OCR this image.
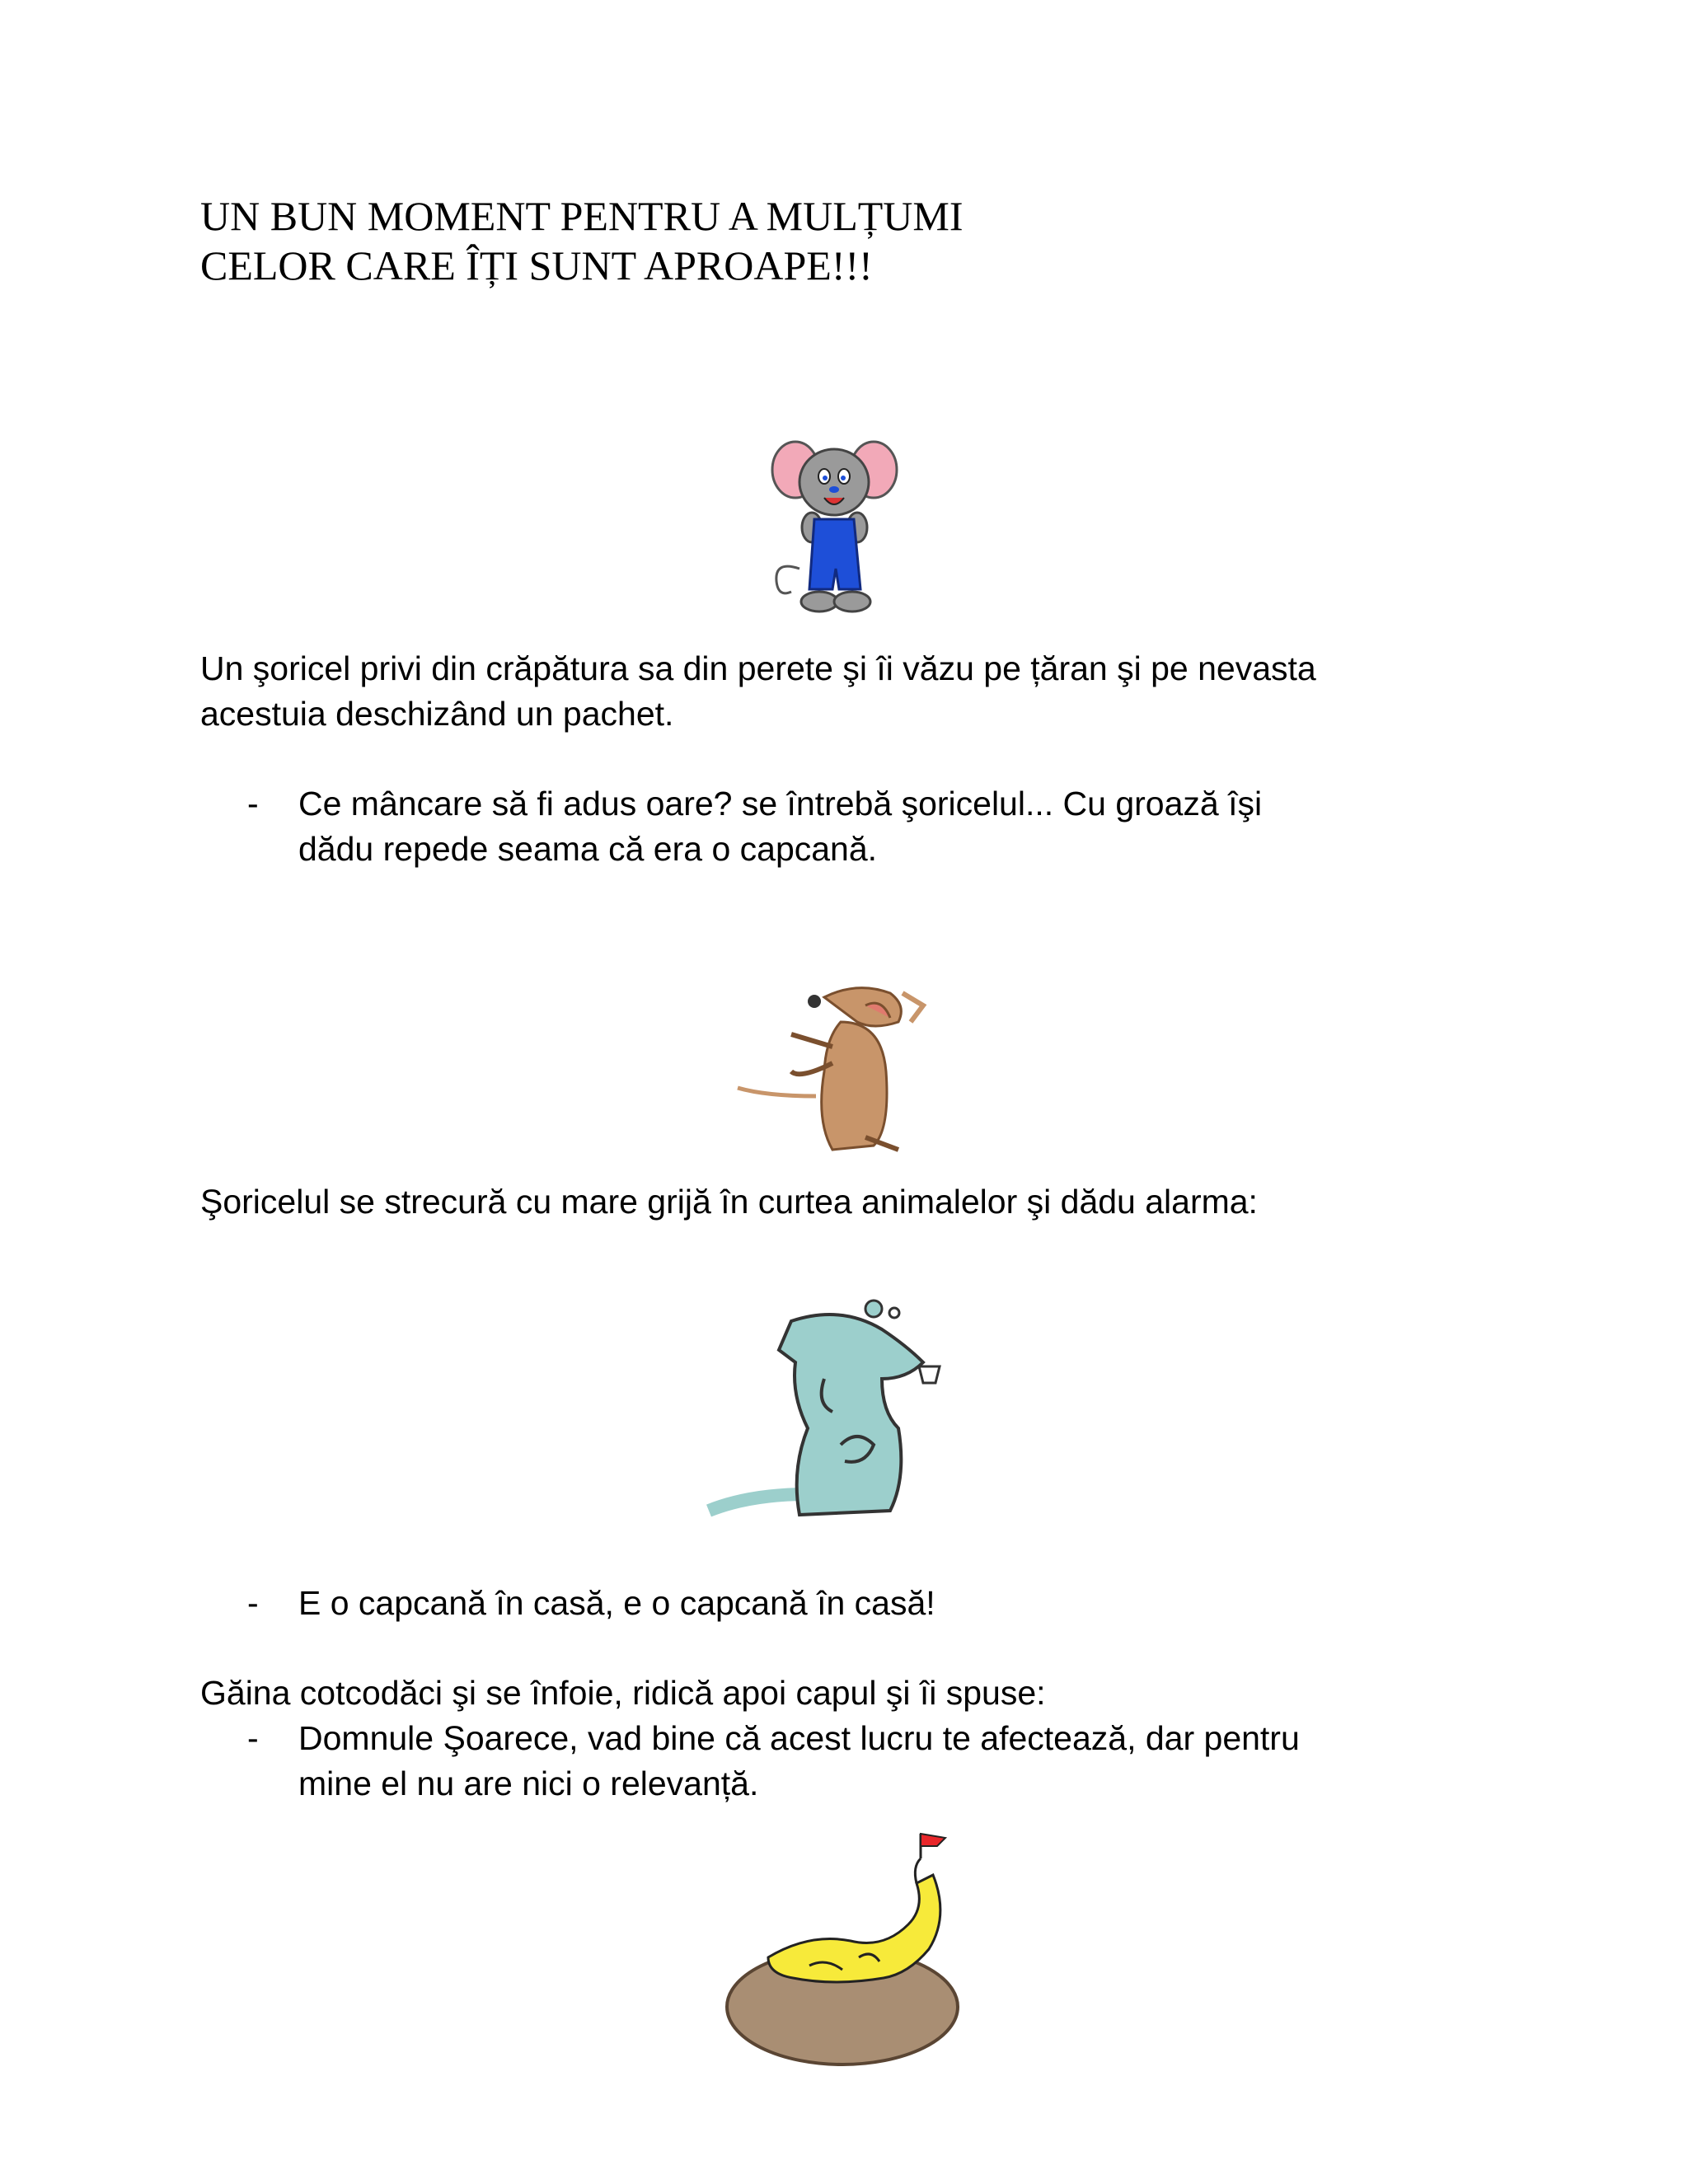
UN BUN MOMENT PENTRU A MULȚUMI
CELOR CARE ÎȚI SUNT APROAPE!!!
Un şoricel privi din crăpătura sa din perete şi îi văzu pe țăran şi pe nevasta
acestuia deschizând un pachet.
-	Ce mâncare să fi adus oare? se întrebă şoricelul... Cu groază îşi
dădu repede seama că era o capcană.
Şoricelul se strecură cu mare grijă în curtea animalelor şi dădu alarma:
-	E o capcană în casă, e o capcană în casă!
Găina cotcodăci şi se înfoie, ridică apoi capul şi îi spuse:
-	Domnule Şoarece, vad bine că acest lucru te afectează, dar pentru
mine el nu are nici o relevanță.
